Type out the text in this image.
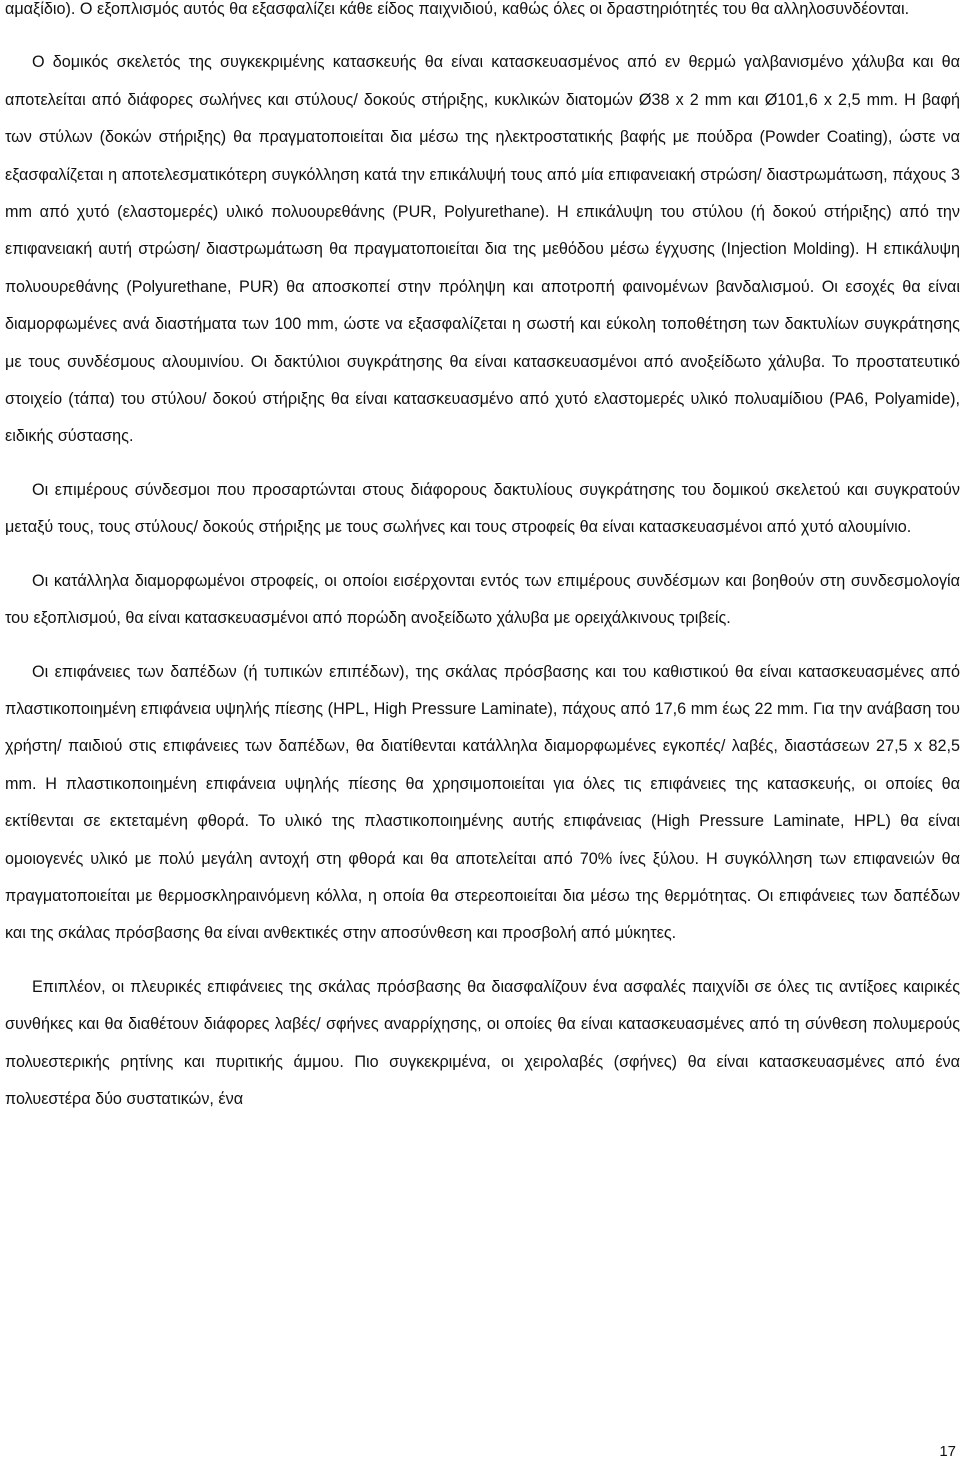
αμαξίδιο). Ο εξοπλισμός αυτός θα εξασφαλίζει κάθε είδος παιχνιδιού, καθώς όλες οι δραστηριότητές του θα αλληλοσυνδέονται.

Ο δομικός σκελετός της συγκεκριμένης κατασκευής θα είναι κατασκευασμένος από εν θερμώ γαλβανισμένο χάλυβα και θα αποτελείται από διάφορες σωλήνες και στύλους/ δοκούς στήριξης, κυκλικών διατομών Ø38 x 2 mm και Ø101,6 x 2,5 mm. Η βαφή των στύλων (δοκών στήριξης) θα πραγματοποιείται δια μέσω της ηλεκτροστατικής βαφής με πούδρα (Powder Coating), ώστε να εξασφαλίζεται η αποτελεσματικότερη συγκόλληση κατά την επικάλυψή τους από μία επιφανειακή στρώση/ διαστρωμάτωση, πάχους 3 mm από χυτό (ελαστομερές) υλικό πολυουρεθάνης (PUR, Polyurethane). Η επικάλυψη του στύλου (ή δοκού στήριξης) από την επιφανειακή αυτή στρώση/ διαστρωμάτωση θα πραγματοποιείται δια της μεθόδου μέσω έγχυσης (Injection Molding). Η επικάλυψη πολυουρεθάνης (Polyurethane, PUR) θα αποσκοπεί στην πρόληψη και αποτροπή φαινομένων βανδαλισμού. Οι εσοχές θα είναι διαμορφωμένες ανά διαστήματα των 100 mm, ώστε να εξασφαλίζεται η σωστή και εύκολη τοποθέτηση των δακτυλίων συγκράτησης με τους συνδέσμους αλουμινίου. Οι δακτύλιοι συγκράτησης θα είναι κατασκευασμένοι από ανοξείδωτο χάλυβα. Το προστατευτικό στοιχείο (τάπα) του στύλου/ δοκού στήριξης θα είναι κατασκευασμένο από χυτό ελαστομερές υλικό πολυαμίδιου (PA6, Polyamide), ειδικής σύστασης.

Οι επιμέρους σύνδεσμοι που προσαρτώνται στους διάφορους δακτυλίους συγκράτησης του δομικού σκελετού και συγκρατούν μεταξύ τους, τους στύλους/ δοκούς στήριξης με τους σωλήνες και τους στροφείς θα είναι κατασκευασμένοι από χυτό αλουμίνιο.

Οι κατάλληλα διαμορφωμένοι στροφείς, οι οποίοι εισέρχονται εντός των επιμέρους συνδέσμων και βοηθούν στη συνδεσμολογία του εξοπλισμού, θα είναι κατασκευασμένοι από πορώδη ανοξείδωτο χάλυβα με ορειχάλκινους τριβείς.

Οι επιφάνειες των δαπέδων (ή τυπικών επιπέδων), της σκάλας πρόσβασης και του καθιστικού θα είναι κατασκευασμένες από πλαστικοποιημένη επιφάνεια υψηλής πίεσης (HPL, High Pressure Laminate), πάχους από 17,6 mm έως 22 mm. Για την ανάβαση του χρήστη/ παιδιού στις επιφάνειες των δαπέδων, θα διατίθενται κατάλληλα διαμορφωμένες εγκοπές/ λαβές, διαστάσεων 27,5 x 82,5 mm. Η πλαστικοποιημένη επιφάνεια υψηλής πίεσης θα χρησιμοποιείται για όλες τις επιφάνειες της κατασκευής, οι οποίες θα εκτίθενται σε εκτεταμένη φθορά. Το υλικό της πλαστικοποιημένης αυτής επιφάνειας (High Pressure Laminate, HPL) θα είναι ομοιογενές υλικό με πολύ μεγάλη αντοχή στη φθορά και θα αποτελείται από 70% ίνες ξύλου. Η συγκόλληση των επιφανειών θα πραγματοποιείται με θερμοσκληραινόμενη κόλλα, η οποία θα στερεοποιείται δια μέσω της θερμότητας. Οι επιφάνειες των δαπέδων και της σκάλας πρόσβασης θα είναι ανθεκτικές στην αποσύνθεση και προσβολή από μύκητες.

Επιπλέον, οι πλευρικές επιφάνειες της σκάλας πρόσβασης θα διασφαλίζουν ένα ασφαλές παιχνίδι σε όλες τις αντίξοες καιρικές συνθήκες και θα διαθέτουν διάφορες λαβές/ σφήνες αναρρίχησης, οι οποίες θα είναι κατασκευασμένες από τη σύνθεση πολυμερούς πολυεστερικής ρητίνης και πυριτικής άμμου. Πιο συγκεκριμένα, οι χειρολαβές (σφήνες) θα είναι κατασκευασμένες από ένα πολυεστέρα δύο συστατικών, ένα

17
